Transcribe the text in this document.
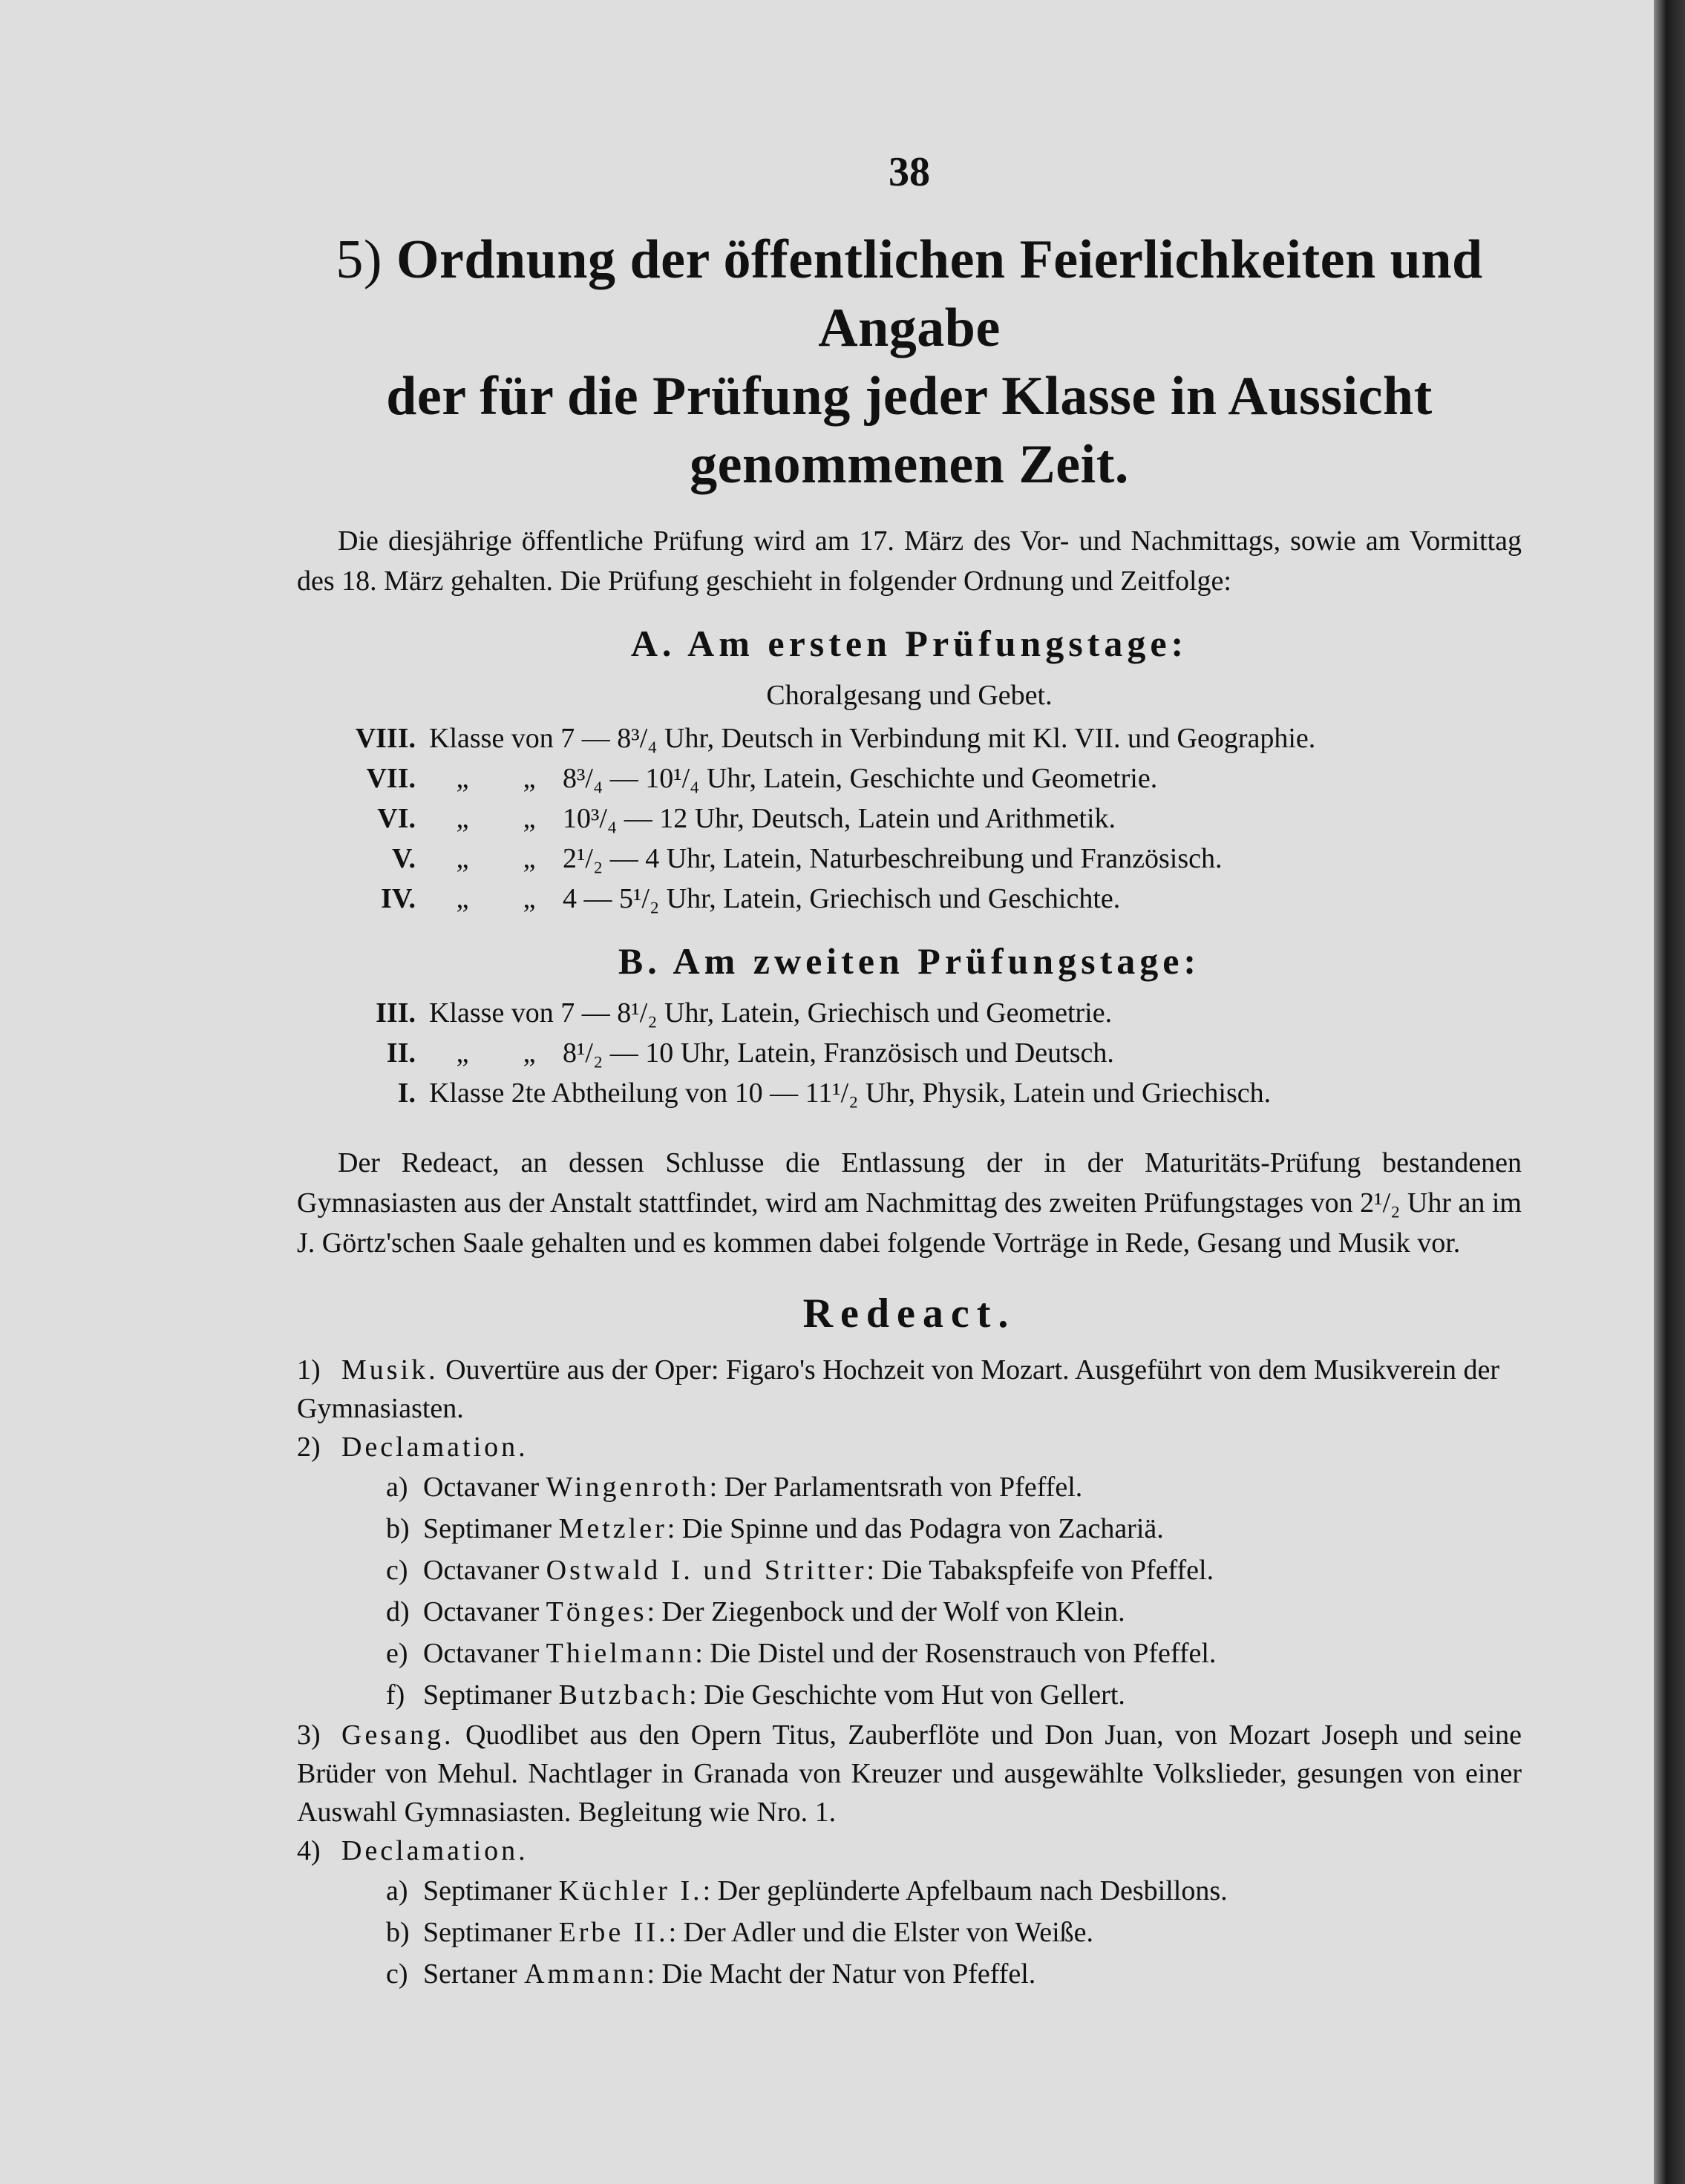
38
5) Ordnung der öffentlichen Feierlichkeiten und Angabe
der für die Prüfung jeder Klasse in Aussicht
genommenen Zeit.

Die diesjährige öffentliche Prüfung wird am 17. März des Vor- und Nachmittags, sowie am Vormittag des 18. März gehalten. Die Prüfung geschieht in folgender Ordnung und Zeitfolge:

A. Am ersten Prüfungstage:
Choralgesang und Gebet.
VIII. Klasse von 7 — 8³/₄ Uhr, Deutsch in Verbindung mit Kl. VII. und Geographie.
VII.	„	„ 8³/₄ — 10¹/₄ Uhr, Latein, Geschichte und Geometrie.
VI.	„	„ 10³/₄ — 12 Uhr, Deutsch, Latein und Arithmetik.
V.	„	„ 2¹/₂ — 4 Uhr, Latein, Naturbeschreibung und Französisch.
IV.	„	„ 4 — 5¹/₂ Uhr, Latein, Griechisch und Geschichte.
B. Am zweiten Prüfungstage:
III. Klasse von 7 — 8¹/₂ Uhr, Latein, Griechisch und Geometrie.
II.	„	„ 8¹/₂ — 10 Uhr, Latein, Französisch und Deutsch.
I. Klasse 2te Abtheilung von 10 — 11¹/₂ Uhr, Physik, Latein und Griechisch.

Der Redeact, an dessen Schlusse die Entlassung der in der Maturitäts-Prüfung bestandenen Gymnasiasten aus der Anstalt stattfindet, wird am Nachmittag des zweiten Prüfungstages von 2¹/₂ Uhr an im J. Görtz'schen Saale gehalten und es kommen dabei folgende Vorträge in Rede, Gesang und Musik vor.

Redeact.

1) Musik. Ouvertüre aus der Oper: Figaro's Hochzeit von Mozart. Ausgeführt von dem Musikverein der Gymnasiasten.

2) Declamation.

a) Octavaner Wingenroth: Der Parlamentsrath von Pfeffel.

b) Septimaner Metzler: Die Spinne und das Podagra von Zachariä.

c) Octavaner Ostwald I. und Stritter: Die Tabakspfeife von Pfeffel.

d) Octavaner Tönges: Der Ziegenbock und der Wolf von Klein.

e) Octavaner Thielmann: Die Distel und der Rosenstrauch von Pfeffel.

f) Septimaner Butzbach: Die Geschichte vom Hut von Gellert.

3) Gesang. Quodlibet aus den Opern Titus, Zauberflöte und Don Juan, von Mozart Joseph und seine Brüder von Mehul. Nachtlager in Granada von Kreuzer und ausgewählte Volkslieder, gesungen von einer Auswahl Gymnasiasten. Begleitung wie Nro. 1.

4) Declamation.

a) Septimaner Küchler I.: Der geplünderte Apfelbaum nach Desbillons.

b) Septimaner Erbe II.: Der Adler und die Elster von Weiße.

c) Sertaner Ammann: Die Macht der Natur von Pfeffel.
